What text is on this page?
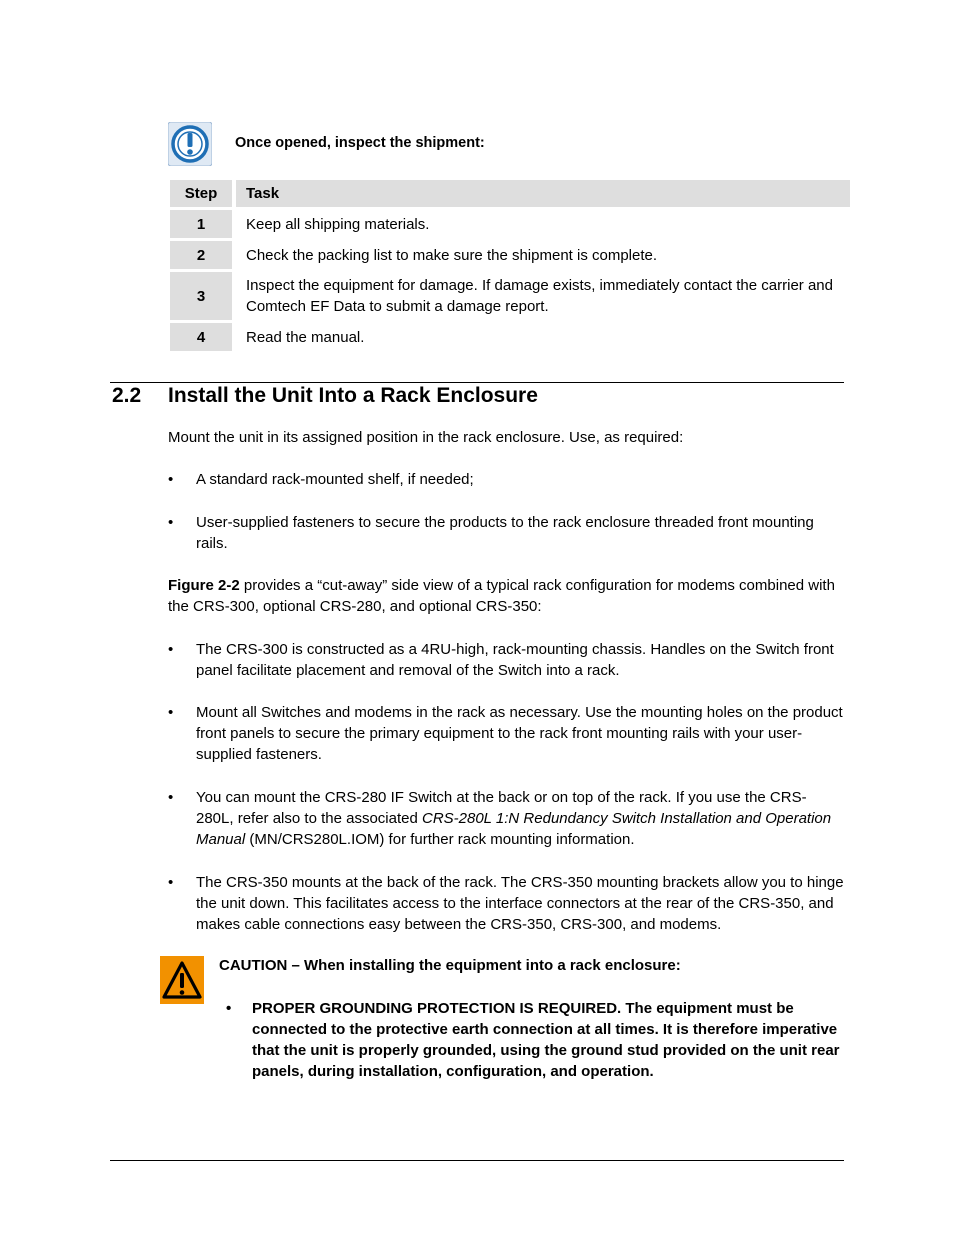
Once opened, inspect the shipment:
Step	Task
1	Keep all shipping materials.
2	Check the packing list to make sure the shipment is complete.
3	Inspect the equipment for damage. If damage exists, immediately contact the carrier and Comtech EF Data to submit a damage report.
4	Read the manual.
2.2 Install the Unit Into a Rack Enclosure
Mount the unit in its assigned position in the rack enclosure. Use, as required:
•	A standard rack-mounted shelf, if needed;
•	User-supplied fasteners to secure the products to the rack enclosure threaded front mounting rails.
Figure 2-2 provides a “cut-away” side view of a typical rack configuration for modems combined with the CRS-300, optional CRS-280, and optional CRS-350:
•	The CRS-300 is constructed as a 4RU-high, rack-mounting chassis. Handles on the Switch front panel facilitate placement and removal of the Switch into a rack.
•	Mount all Switches and modems in the rack as necessary. Use the mounting holes on the product front panels to secure the primary equipment to the rack front mounting rails with your user-supplied fasteners.
•	You can mount the CRS-280 IF Switch at the back or on top of the rack. If you use the CRS-280L, refer also to the associated CRS-280L 1:N Redundancy Switch Installation and Operation Manual (MN/CRS280L.IOM) for further rack mounting information.
•	The CRS-350 mounts at the back of the rack. The CRS-350 mounting brackets allow you to hinge the unit down. This facilitates access to the interface connectors at the rear of the CRS-350, and makes cable connections easy between the CRS-350, CRS-300, and modems.
CAUTION – When installing the equipment into a rack enclosure:
• PROPER GROUNDING PROTECTION IS REQUIRED. The equipment must be connected to the protective earth connection at all times. It is therefore imperative that the unit is properly grounded, using the ground stud provided on the unit rear panels, during installation, configuration, and operation.
